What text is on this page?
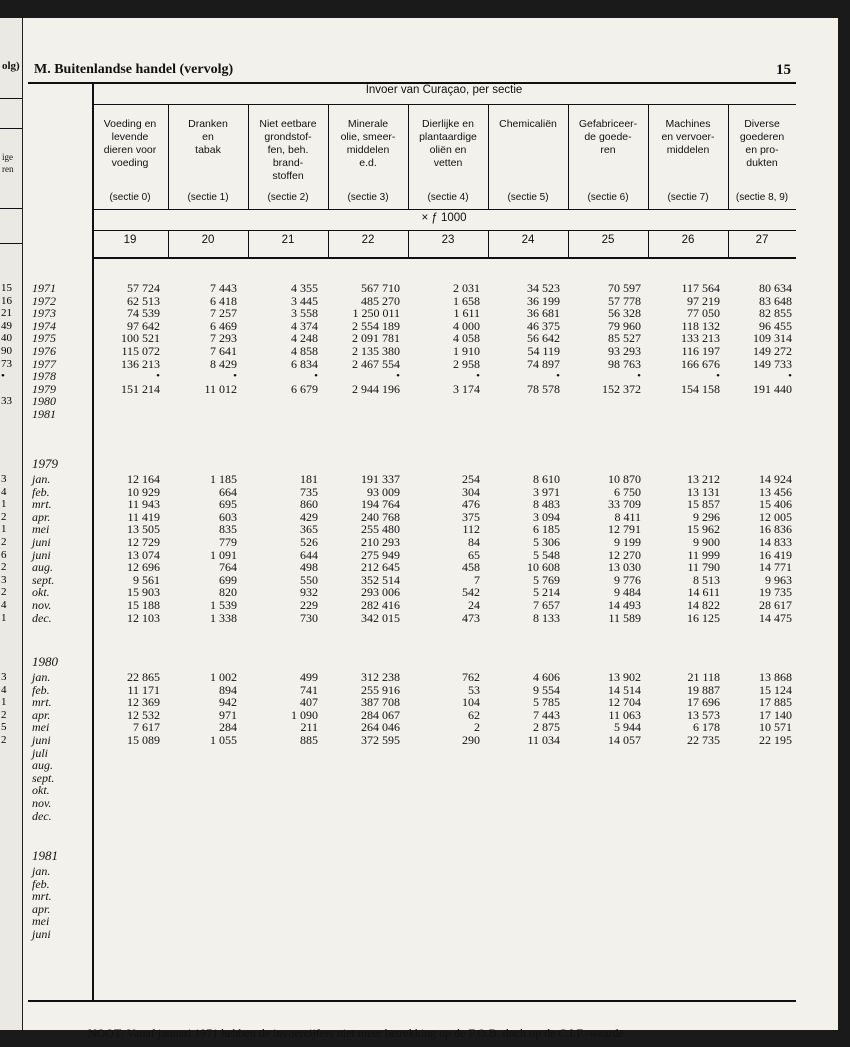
olg)
ige
ren
15
16
21
49
40
90
73
•
33
3
4
1
2
1
2
6
2
3
2
4
1
3
4
1
2
5
2
M. Buitenlandse handel (vervolg)	15
Invoer van Curaçao, per sectie
Voeding en
levende
dieren voor
voeding
(sectie 0)
19
Dranken
en
tabak
(sectie 1)
20
Niet eetbare
grondstof-
fen, beh.
brand-
stoffen
(sectie 2)
21
Minerale
olie, smeer-
middelen
e.d.
(sectie 3)
22
Dierlijke en
plantaardige
oliën en
vetten
(sectie 4)
23
Chemicaliën
(sectie 5)
24
Gefabriceer-
de goede-
ren
(sectie 6)
25
Machines
en vervoer-
middelen
(sectie 7)
26
Diverse
goederen
en pro-
dukten
(sectie 8, 9)
27
× ƒ 1000
1971
1972
1973
1974
1975
1976
1977
1978
1979
1980
1981
1979
jan.
feb.
mrt.
apr.
mei
juni
juni
aug.
sept.
okt.
nov.
dec.
1980
jan.
feb.
mrt.
apr.
mei
juni
juli
aug.
sept.
okt.
nov.
dec.
1981
jan.
feb.
mrt.
apr.
mei
juni
57 724
62 513
74 539
97 642
100 521
115 072
136 213
•
151 214
7 443
6 418
7 257
6 469
7 293
7 641
8 429
•
11 012
4 355
3 445
3 558
4 374
4 248
4 858
6 834
•
6 679
567 710
485 270
1 250 011
2 554 189
2 091 781
2 135 380
2 467 554
•
2 944 196
2 031
1 658
1 611
4 000
4 058
1 910
2 958
•
3 174
34 523
36 199
36 681
46 375
56 642
54 119
74 897
•
78 578
70 597
57 778
56 328
79 960
85 527
93 293
98 763
•
152 372
117 564
97 219
77 050
118 132
133 213
116 197
166 676
•
154 158
80 634
83 648
82 855
96 455
109 314
149 272
149 733
•
191 440
12 164
10 929
11 943
11 419
13 505
12 729
13 074
12 696
9 561
15 903
15 188
12 103
1 185
664
695
603
835
779
1 091
764
699
820
1 539
1 338
181
735
860
429
365
526
644
498
550
932
229
730
191 337
93 009
194 764
240 768
255 480
210 293
275 949
212 645
352 514
293 006
282 416
342 015
254
304
476
375
112
84
65
458
7
542
24
473
8 610
3 971
8 483
3 094
6 185
5 306
5 548
10 608
5 769
5 214
7 657
8 133
10 870
6 750
33 709
8 411
12 791
9 199
12 270
13 030
9 776
9 484
14 493
11 589
13 212
13 131
15 857
9 296
15 962
9 900
11 999
11 790
8 513
14 611
14 822
16 125
14 924
13 456
15 406
12 005
16 836
14 833
16 419
14 771
9 963
19 735
28 617
14 475
22 865
11 171
12 369
12 532
7 617
15 089
1 002
894
942
971
284
1 055
499
741
407
1 090
211
885
312 238
255 916
387 708
284 067
264 046
372 595
762
53
104
62
2
290
4 606
9 554
5 785
7 443
2 875
11 034
13 902
14 514
12 704
11 063
5 944
14 057
21 118
19 887
17 696
13 573
6 178
22 735
13 868
15 124
17 885
17 140
10 571
22 195
NOOT: Vanaf januari 1971 hebben de invoercijfers niet meer betrekking op de F.O.B. doch op de C.I.F.-waarde
